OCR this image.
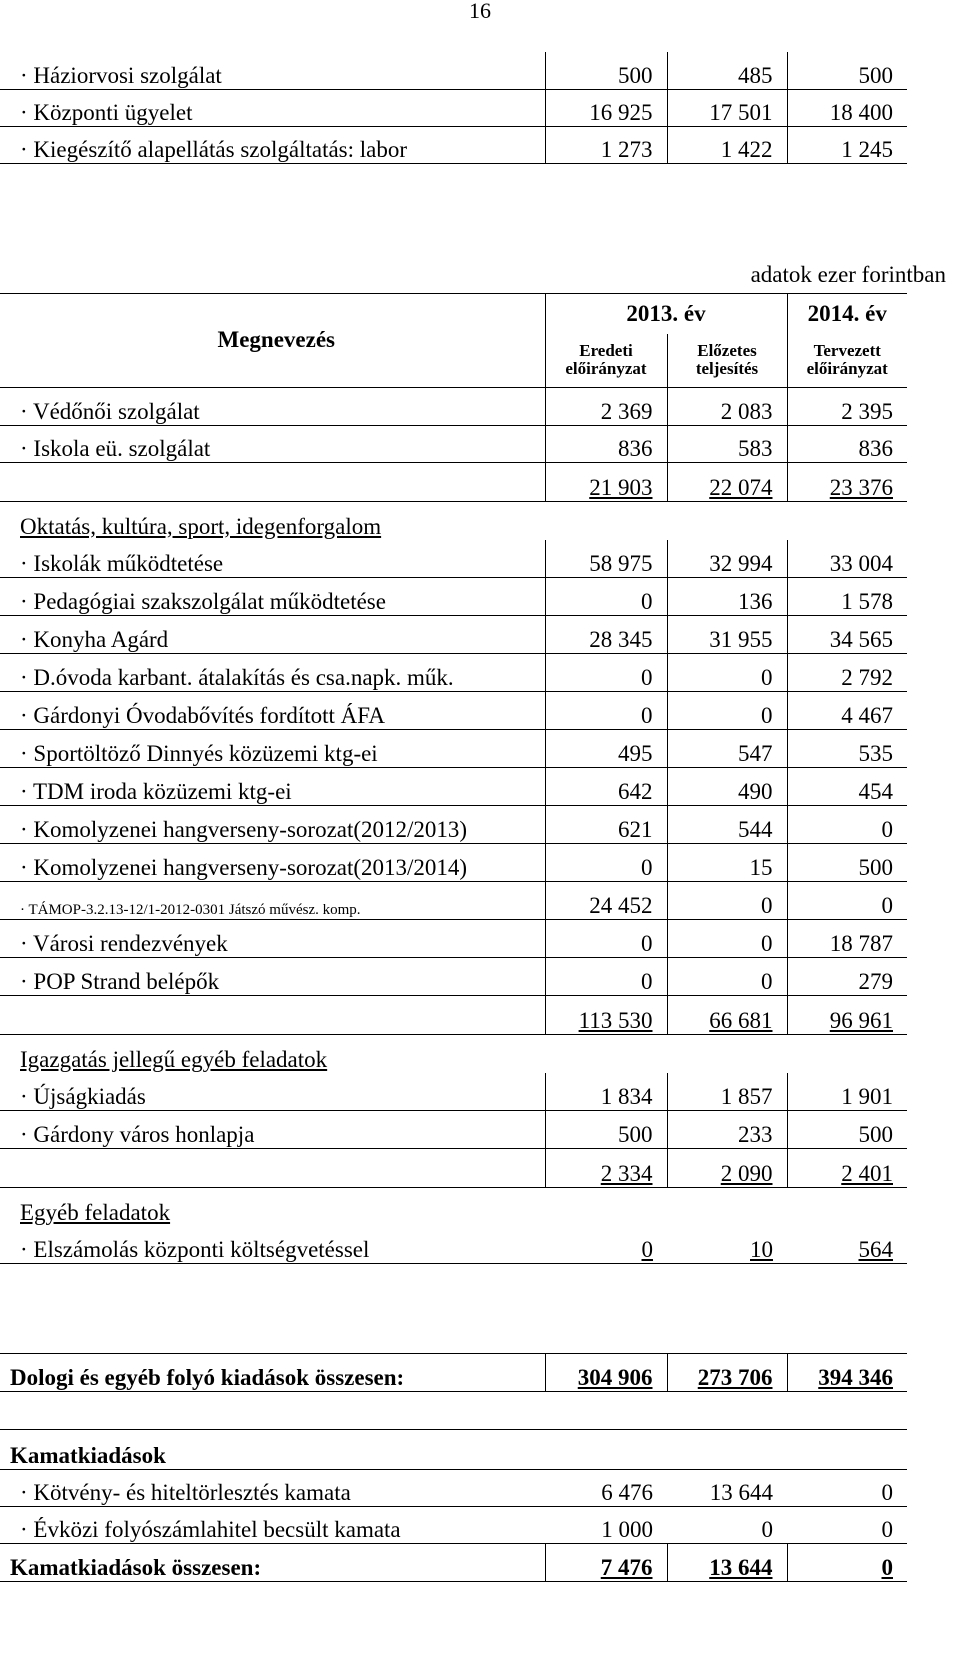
16
· Háziorvosi szolgálat	500	485	500
· Központi ügyelet	16 925	17 501	18 400
· Kiegészítő alapellátás szolgáltatás: labor	1 273	1 422	1 245
adatok ezer forintban
Megnevezés	2013. év		2014. év
	Eredeti előirányzat	Előzetes teljesítés	Tervezett előirányzat
· Védőnői szolgálat	2 369	2 083	2 395
· Iskola eü. szolgálat	836	583	836
	21 903	22 074	23 376
Oktatás, kultúra, sport, idegenforgalom			
· Iskolák működtetése	58 975	32 994	33 004
· Pedagógiai szakszolgálat működtetése	0	136	1 578
· Konyha Agárd	28 345	31 955	34 565
· D.óvoda karbant. átalakítás és csa.napk. műk.	0	0	2 792
· Gárdonyi Óvodabővítés fordított ÁFA	0	0	4 467
· Sportöltöző Dinnyés közüzemi ktg-ei	495	547	535
· TDM iroda közüzemi ktg-ei	642	490	454
· Komolyzenei hangverseny-sorozat(2012/2013)	621	544	0
· Komolyzenei hangverseny-sorozat(2013/2014)	0	15	500
· TÁMOP-3.2.13-12/1-2012-0301 Játszó művész. komp.	24 452	0	0
· Városi rendezvények	0	0	18 787
· POP Strand belépők	0	0	279
	113 530	66 681	96 961
Igazgatás jellegű egyéb feladatok			
· Újságkiadás	1 834	1 857	1 901
· Gárdony város honlapja	500	233	500
	2 334	2 090	2 401
Egyéb feladatok			
· Elszámolás központi költségvetéssel	0	10	564

Dologi és egyéb folyó kiadások összesen:	304 906	273 706	394 346

Kamatkiadások			
· Kötvény- és hiteltörlesztés kamata	6 476	13 644	0
· Évközi folyószámlahitel becsült kamata	1 000	0	0
Kamatkiadások összesen:	7 476	13 644	0
